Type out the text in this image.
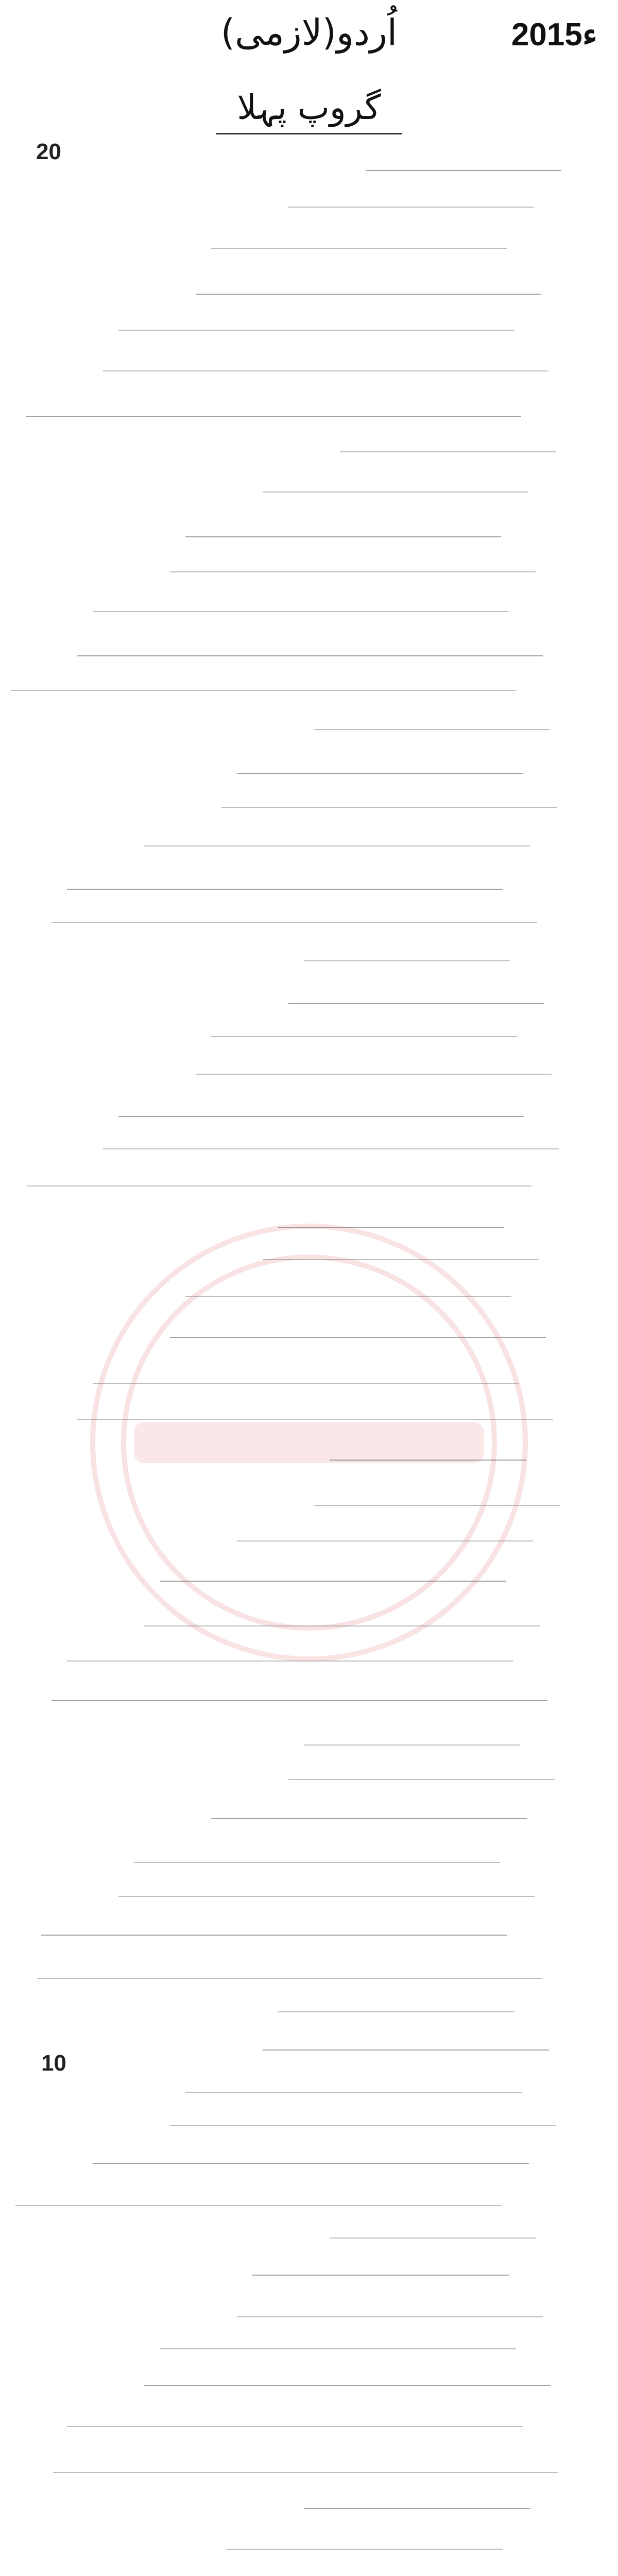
2015ء
اُردو(لازمی)
گروپ پہلا
20
10
